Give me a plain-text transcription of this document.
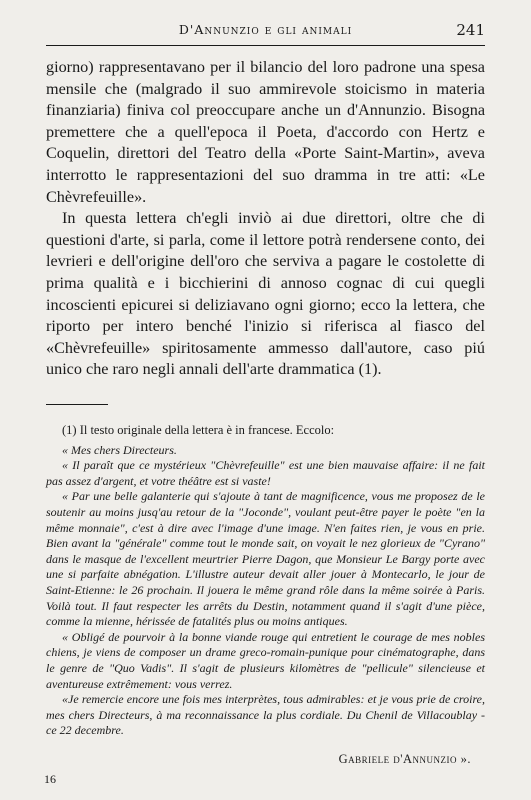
D'Annunzio e gli animali	241

giorno) rappresentavano per il bilancio del loro padrone una spesa mensile che (malgrado il suo ammirevole stoicismo in materia finanziaria) finiva col preoccupare anche un d'Annunzio. Bisogna premettere che a quell'epoca il Poeta, d'accordo con Hertz e Coquelin, direttori del Teatro della «Porte Saint-Martin», aveva interrotto le rappresentazioni del suo dramma in tre atti: «Le Chèvrefeuille».

In questa lettera ch'egli inviò ai due direttori, oltre che di questioni d'arte, si parla, come il lettore potrà rendersene conto, dei levrieri e dell'origine dell'oro che serviva a pagare le costolette di prima qualità e i bicchierini di annoso cognac di cui quegli incoscienti epicurei si deliziavano ogni giorno; ecco la lettera, che riporto per intero benché l'inizio si riferisca al fiasco del «Chèvrefeuille» spiritosamente ammesso dall'autore, caso piú unico che raro negli annali dell'arte drammatica (1).

(1) Il testo originale della lettera è in francese. Eccolo:

« Mes chers Directeurs.

« Il paraît que ce mystérieux "Chèvrefeuille" est une bien mauvaise affaire: il ne fait pas assez d'argent, et votre théâtre est si vaste!

« Par une belle galanterie qui s'ajoute à tant de magnificence, vous me proposez de le soutenir au moins jusq'au retour de la "Joconde", voulant peut-être payer le poète "en la même monnaie", c'est à dire avec l'image d'une image. N'en faites rien, je vous en prie. Bien avant la "générale" comme tout le monde sait, on voyait le nez glorieux de "Cyrano" dans le masque de l'excellent meurtrier Pierre Dagon, que Monsieur Le Bargy porte avec une si parfaite abnégation. L'illustre auteur devait aller jouer à Montecarlo, le jour de Saint-Etienne: le 26 prochain. Il jouera le même grand rôle dans la même soirée à Paris. Voilà tout. Il faut respecter les arrêts du Destin, notamment quand il s'agit d'une pièce, comme la mienne, hérissée de fatalités plus ou moins antiques.

« Obligé de pourvoir à la bonne viande rouge qui entretient le courage de mes nobles chiens, je viens de composer un drame greco-romain-punique pour cinématographe, dans le genre de "Quo Vadis". Il s'agit de plusieurs kilomètres de "pellicule" silencieuse et aventureuse extrêmement: vous verrez.

«Je remercie encore une fois mes interprètes, tous admirables: et je vous prie de croire, mes chers Directeurs, à ma reconnaissance la plus cordiale. Du Chenil de Villacoublay - ce 22 decembre.

Gabriele d'Annunzio ».
16
